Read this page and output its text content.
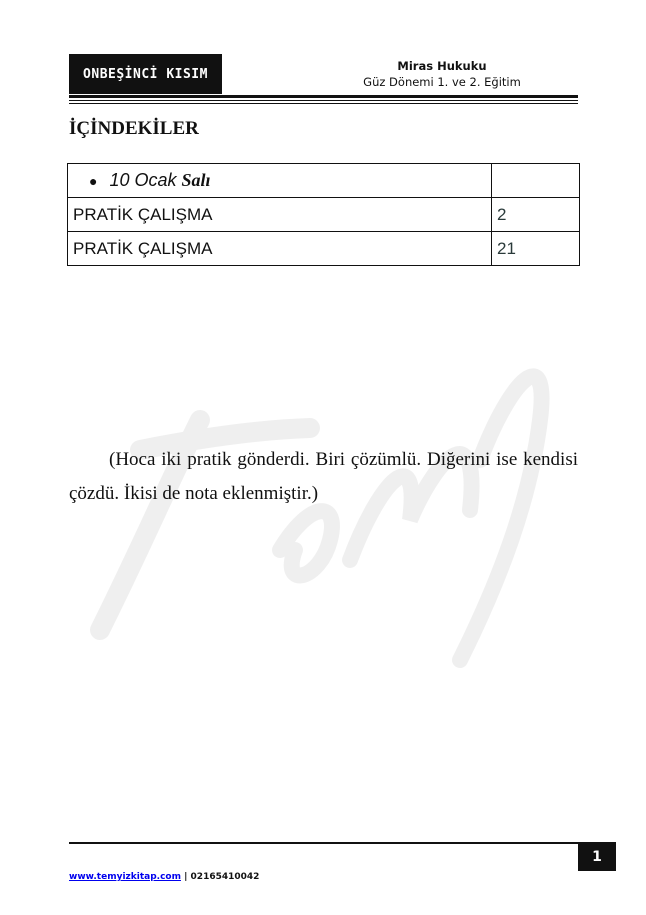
ONBEŞİNCİ KISIM
Miras Hukuku
Güz Dönemi 1. ve 2. Eğitim
İÇİNDEKİLER
● 10 Ocak Salı	
PRATİK ÇALIŞMA	2
PRATİK ÇALIŞMA	21

(Hoca iki pratik gönderdi. Biri çözümlü. Diğerini ise kendisi çözdü. İkisi de nota eklenmiştir.)

1
www.temyizkitap.com | 02165410042
